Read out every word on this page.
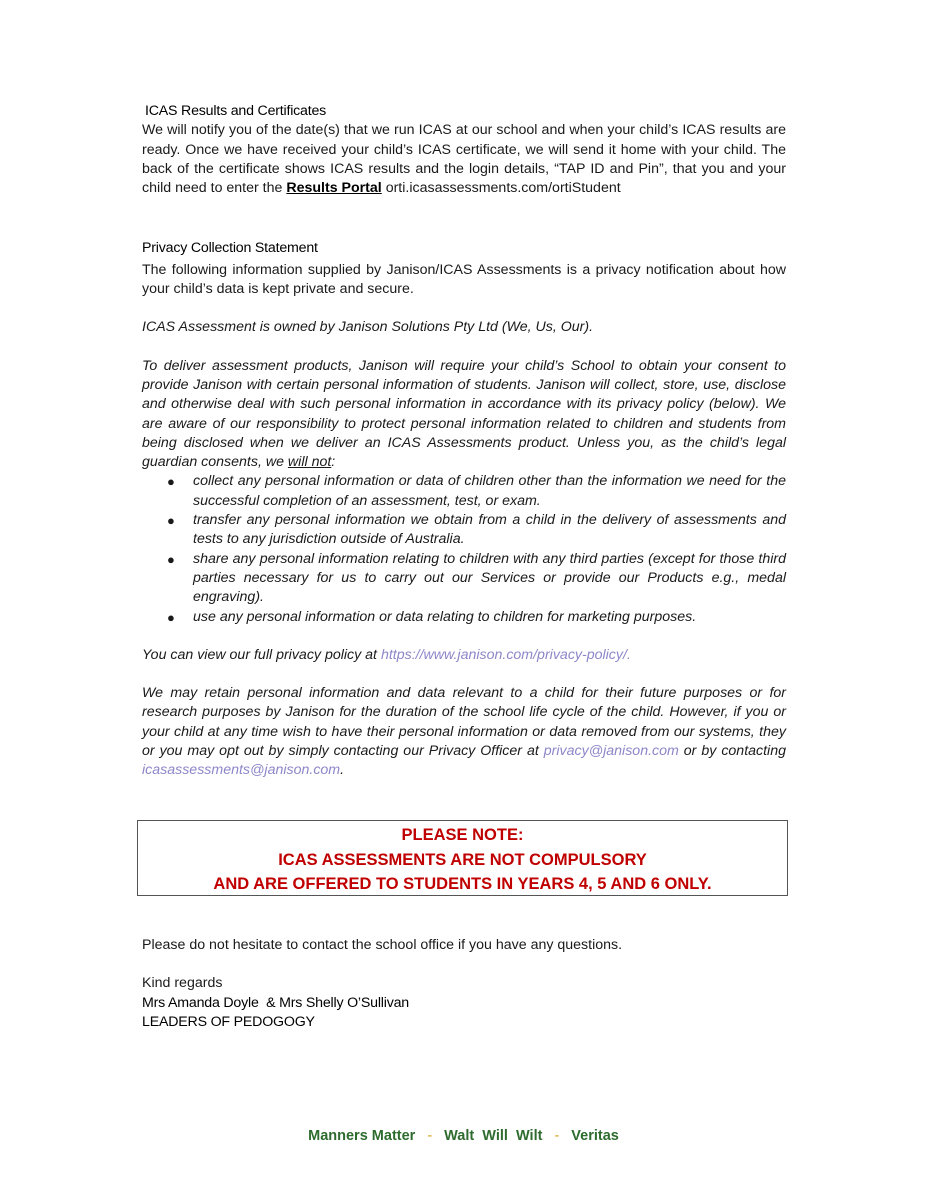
ICAS Results and Certificates

We will notify you of the date(s) that we run ICAS at our school and when your child’s ICAS results are ready. Once we have received your child’s ICAS certificate, we will send it home with your child. The back of the certificate shows ICAS results and the login details, “TAP ID and Pin”, that you and your child need to enter the Results Portal orti.icasassessments.com/ortiStudent

Privacy Collection Statement

The following information supplied by Janison/ICAS Assessments is a privacy notification about how your child’s data is kept private and secure.

ICAS Assessment is owned by Janison Solutions Pty Ltd (We, Us, Our).

To deliver assessment products, Janison will require your child’s School to obtain your consent to provide Janison with certain personal information of students. Janison will collect, store, use, disclose and otherwise deal with such personal information in accordance with its privacy policy (below). We are aware of our responsibility to protect personal information related to children and students from being disclosed when we deliver an ICAS Assessments product. Unless you, as the child’s legal guardian consents, we will not:

● collect any personal information or data of children other than the information we need for the successful completion of an assessment, test, or exam.
● transfer any personal information we obtain from a child in the delivery of assessments and tests to any jurisdiction outside of Australia.
● share any personal information relating to children with any third parties (except for those third parties necessary for us to carry out our Services or provide our Products e.g., medal engraving).
● use any personal information or data relating to children for marketing purposes.

You can view our full privacy policy at https://www.janison.com/privacy-policy/.

We may retain personal information and data relevant to a child for their future purposes or for research purposes by Janison for the duration of the school life cycle of the child. However, if you or your child at any time wish to have their personal information or data removed from our systems, they or you may opt out by simply contacting our Privacy Officer at privacy@janison.com or by contacting icasassessments@janison.com.

PLEASE NOTE:
ICAS ASSESSMENTS ARE NOT COMPULSORY
AND ARE OFFERED TO STUDENTS IN YEARS 4, 5 AND 6 ONLY.
Please do not hesitate to contact the school office if you have any questions.
Kind regards
Mrs Amanda Doyle  & Mrs Shelly O’Sullivan
LEADERS OF PEDOGOGY
Manners Matter - Walt  Will  Wilt - Veritas
